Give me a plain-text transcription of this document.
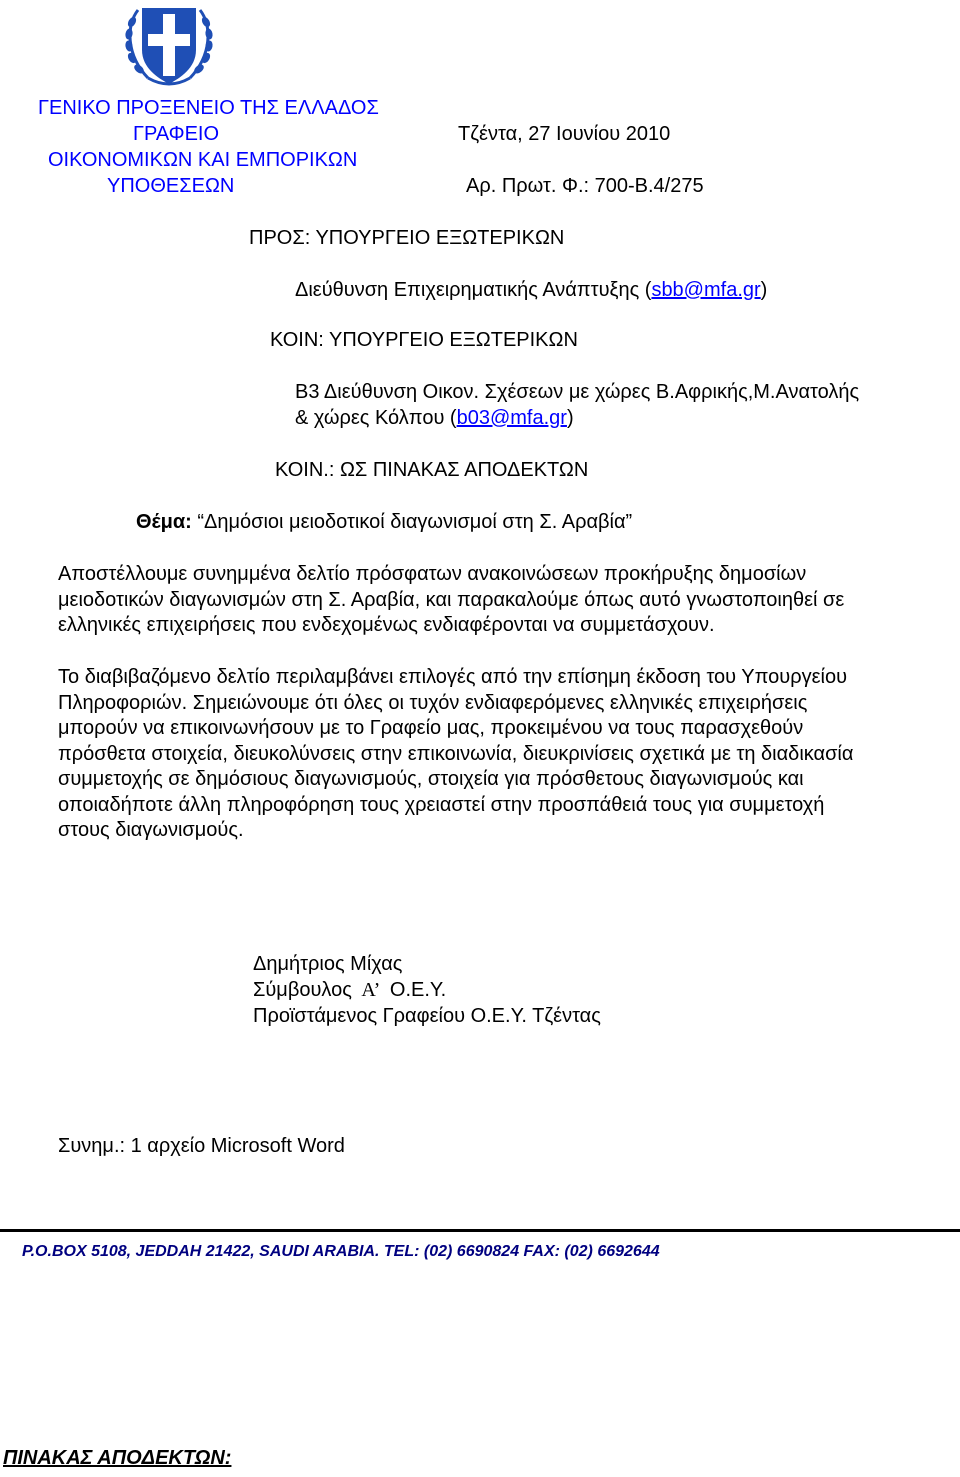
ΓΕΝΙΚΟ ΠΡΟΞΕΝΕΙΟ ΤΗΣ ΕΛΛΑΔΟΣ
ΓΡΑΦΕΙΟ
ΟΙΚΟΝΟΜΙΚΩΝ ΚΑΙ ΕΜΠΟΡΙΚΩΝ
ΥΠΟΘΕΣΕΩΝ
Τζέντα, 27 Ιουνίου 2010
Αρ. Πρωτ. Φ.: 700-Β.4/275
ΠΡΟΣ: ΥΠΟΥΡΓΕΙΟ ΕΞΩΤΕΡΙΚΩΝ
Διεύθυνση Επιχειρηματικής Ανάπτυξης (sbb@mfa.gr)
ΚΟΙΝ: ΥΠΟΥΡΓΕΙΟ ΕΞΩΤΕΡΙΚΩΝ
Β3 Διεύθυνση Οικον. Σχέσεων με χώρες Β.Αφρικής,Μ.Ανατολής
& χώρες Κόλπου (b03@mfa.gr)
ΚΟΙΝ.: ΩΣ ΠΙΝΑΚΑΣ ΑΠΟΔΕΚΤΩΝ
Θέμα: “Δημόσιοι μειοδοτικοί διαγωνισμοί στη Σ. Αραβία”
Αποστέλλουμε συνημμένα δελτίο πρόσφατων ανακοινώσεων προκήρυξης δημοσίων
μειοδοτικών διαγωνισμών στη Σ. Αραβία, και παρακαλούμε όπως αυτό γνωστοποιηθεί σε
ελληνικές επιχειρήσεις που ενδεχομένως ενδιαφέρονται να συμμετάσχουν.
Το διαβιβαζόμενο δελτίο περιλαμβάνει επιλογές από την επίσημη έκδοση του Υπουργείου
Πληροφοριών. Σημειώνουμε ότι όλες οι τυχόν ενδιαφερόμενες ελληνικές επιχειρήσεις
μπορούν να επικοινωνήσουν με το Γραφείο μας, προκειμένου να τους παρασχεθούν
πρόσθετα στοιχεία, διευκολύνσεις στην επικοινωνία, διευκρινίσεις σχετικά με τη διαδικασία
συμμετοχής σε δημόσιους διαγωνισμούς, στοιχεία για πρόσθετους διαγωνισμούς και
οποιαδήποτε άλλη πληροφόρηση τους χρειαστεί στην προσπάθειά τους για συμμετοχή
στους διαγωνισμούς.
Δημήτριος Μίχας
Σύμβουλος Α’ Ο.Ε.Υ.
Προϊστάμενος Γραφείου Ο.Ε.Υ. Τζέντας
Συνημ.: 1 αρχείο Microsoft Word
P.O.BOX 5108, JEDDAH 21422, SAUDI ARABIA. TEL: (02) 6690824 FAX: (02) 6692644
ΠΙΝΑΚΑΣ ΑΠΟΔΕΚΤΩΝ:
